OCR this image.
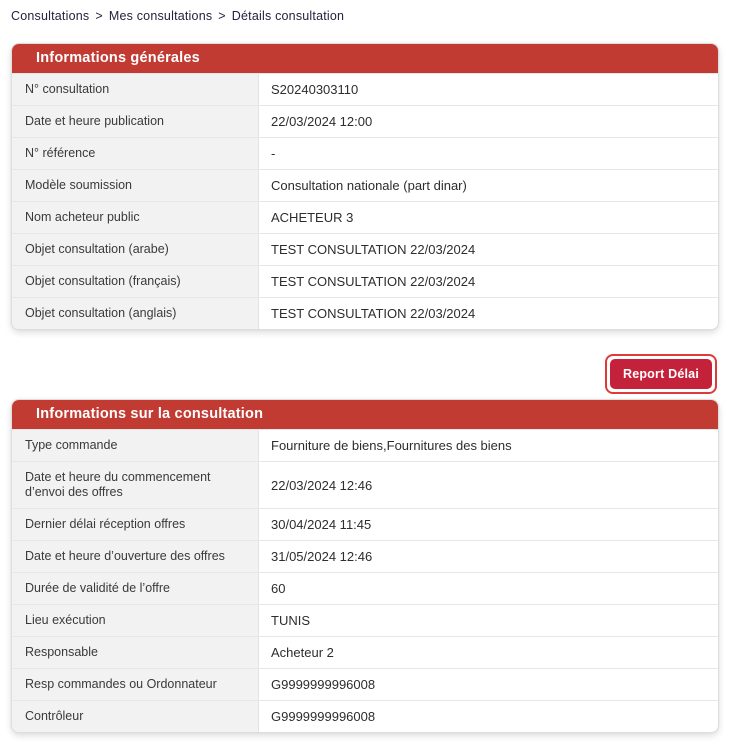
Consultations > Mes consultations > Détails consultation
Informations générales
N° consultation	S20240303110
Date et heure publication	22/03/2024 12:00
N° référence	-
Modèle soumission	Consultation nationale (part dinar)
Nom acheteur public	ACHETEUR 3
Objet consultation (arabe)	TEST CONSULTATION 22/03/2024
Objet consultation (français)	TEST CONSULTATION 22/03/2024
Objet consultation (anglais)	TEST CONSULTATION 22/03/2024
Report Délai
Informations sur la consultation
Type commande	Fourniture de biens,Fournitures des biens
Date et heure du commencement d’envoi des offres	22/03/2024 12:46
Dernier délai réception offres	30/04/2024 11:45
Date et heure d’ouverture des offres	31/05/2024 12:46
Durée de validité de l’offre	60
Lieu exécution	TUNIS
Responsable	Acheteur 2
Resp commandes ou Ordonnateur	G9999999996008
Contrôleur	G9999999996008
